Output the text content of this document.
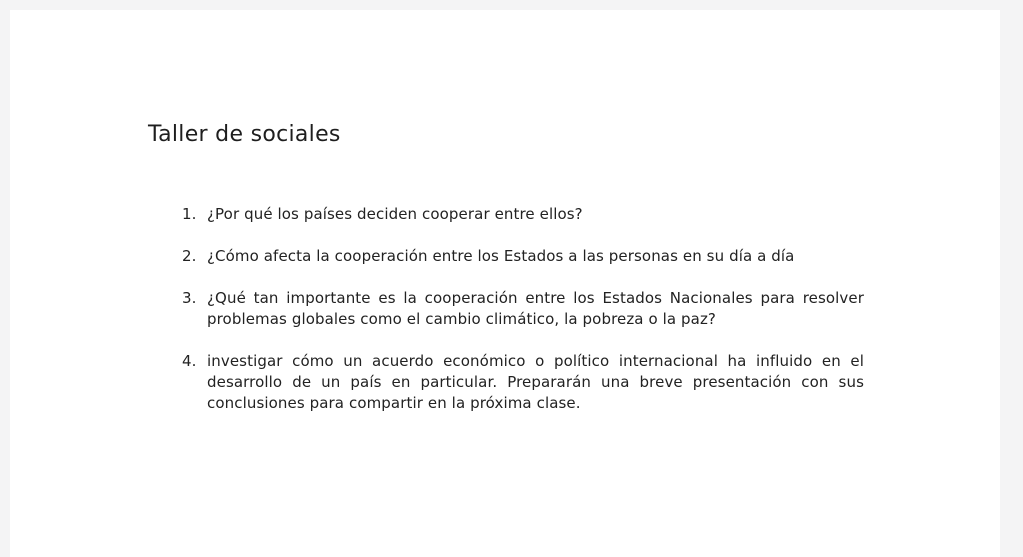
Taller de sociales
1. ¿Por qué los países deciden cooperar entre ellos?
2. ¿Cómo afecta la cooperación entre los Estados a las personas en su día a día
3. ¿Qué tan importante es la cooperación entre los Estados Nacionales para resolver problemas globales como el cambio climático, la pobreza o la paz?
4. investigar cómo un acuerdo económico o político internacional ha influido en el desarrollo de un país en particular. Prepararán una breve presentación con sus conclusiones para compartir en la próxima clase.
